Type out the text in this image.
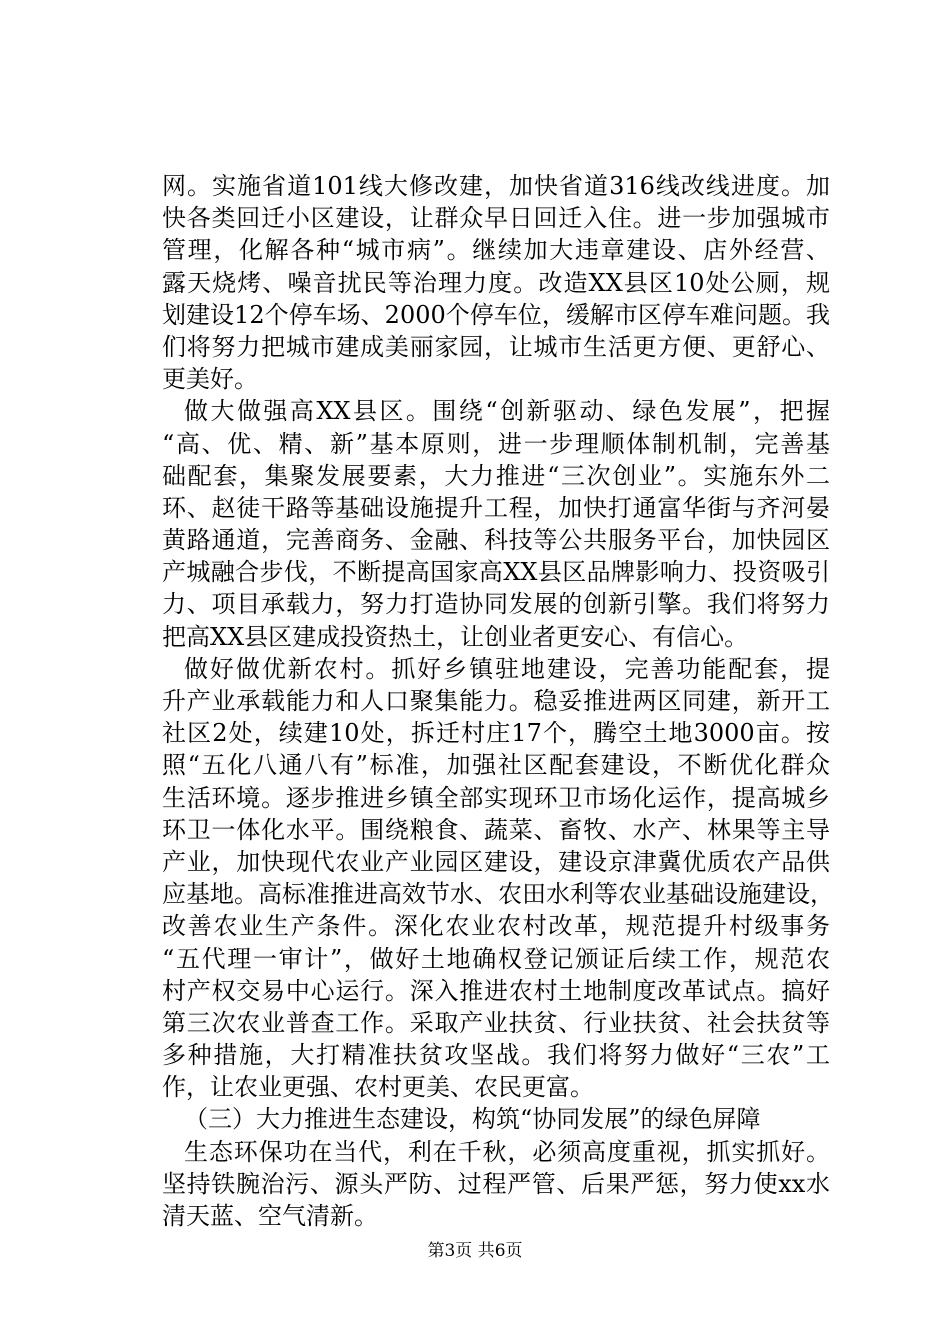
网。实施省道101线大修改建，加快省道316线改线进度。加
快各类回迁小区建设，让群众早日回迁入住。进一步加强城市
管理，化解各种“城市病”。继续加大违章建设、店外经营、
露天烧烤、噪音扰民等治理力度。改造XX县区10处公厕，规
划建设12个停车场、2000个停车位，缓解市区停车难问题。我
们将努力把城市建成美丽家园，让城市生活更方便、更舒心、
更美好。
做大做强高XX县区。围绕“创新驱动、绿色发展”，把握
“高、优、精、新”基本原则，进一步理顺体制机制，完善基
础配套，集聚发展要素，大力推进“三次创业”。实施东外二
环、赵徒干路等基础设施提升工程，加快打通富华街与齐河晏
黄路通道，完善商务、金融、科技等公共服务平台，加快园区
产城融合步伐，不断提高国家高XX县区品牌影响力、投资吸引
力、项目承载力，努力打造协同发展的创新引擎。我们将努力
把高XX县区建成投资热土，让创业者更安心、有信心。
做好做优新农村。抓好乡镇驻地建设，完善功能配套，提
升产业承载能力和人口聚集能力。稳妥推进两区同建，新开工
社区2处，续建10处，拆迁村庄17个，腾空土地3000亩。按
照“五化八通八有”标准，加强社区配套建设，不断优化群众
生活环境。逐步推进乡镇全部实现环卫市场化运作，提高城乡
环卫一体化水平。围绕粮食、蔬菜、畜牧、水产、林果等主导
产业，加快现代农业产业园区建设，建设京津冀优质农产品供
应基地。高标准推进高效节水、农田水利等农业基础设施建设，
改善农业生产条件。深化农业农村改革，规范提升村级事务
“五代理一审计”，做好土地确权登记颁证后续工作，规范农
村产权交易中心运行。深入推进农村土地制度改革试点。搞好
第三次农业普查工作。采取产业扶贫、行业扶贫、社会扶贫等
多种措施，大打精准扶贫攻坚战。我们将努力做好“三农”工
作，让农业更强、农村更美、农民更富。
（三）大力推进生态建设，构筑“协同发展”的绿色屏障
生态环保功在当代，利在千秋，必须高度重视，抓实抓好。
坚持铁腕治污、源头严防、过程严管、后果严惩，努力使xx水
清天蓝、空气清新。
第3页 共6页
